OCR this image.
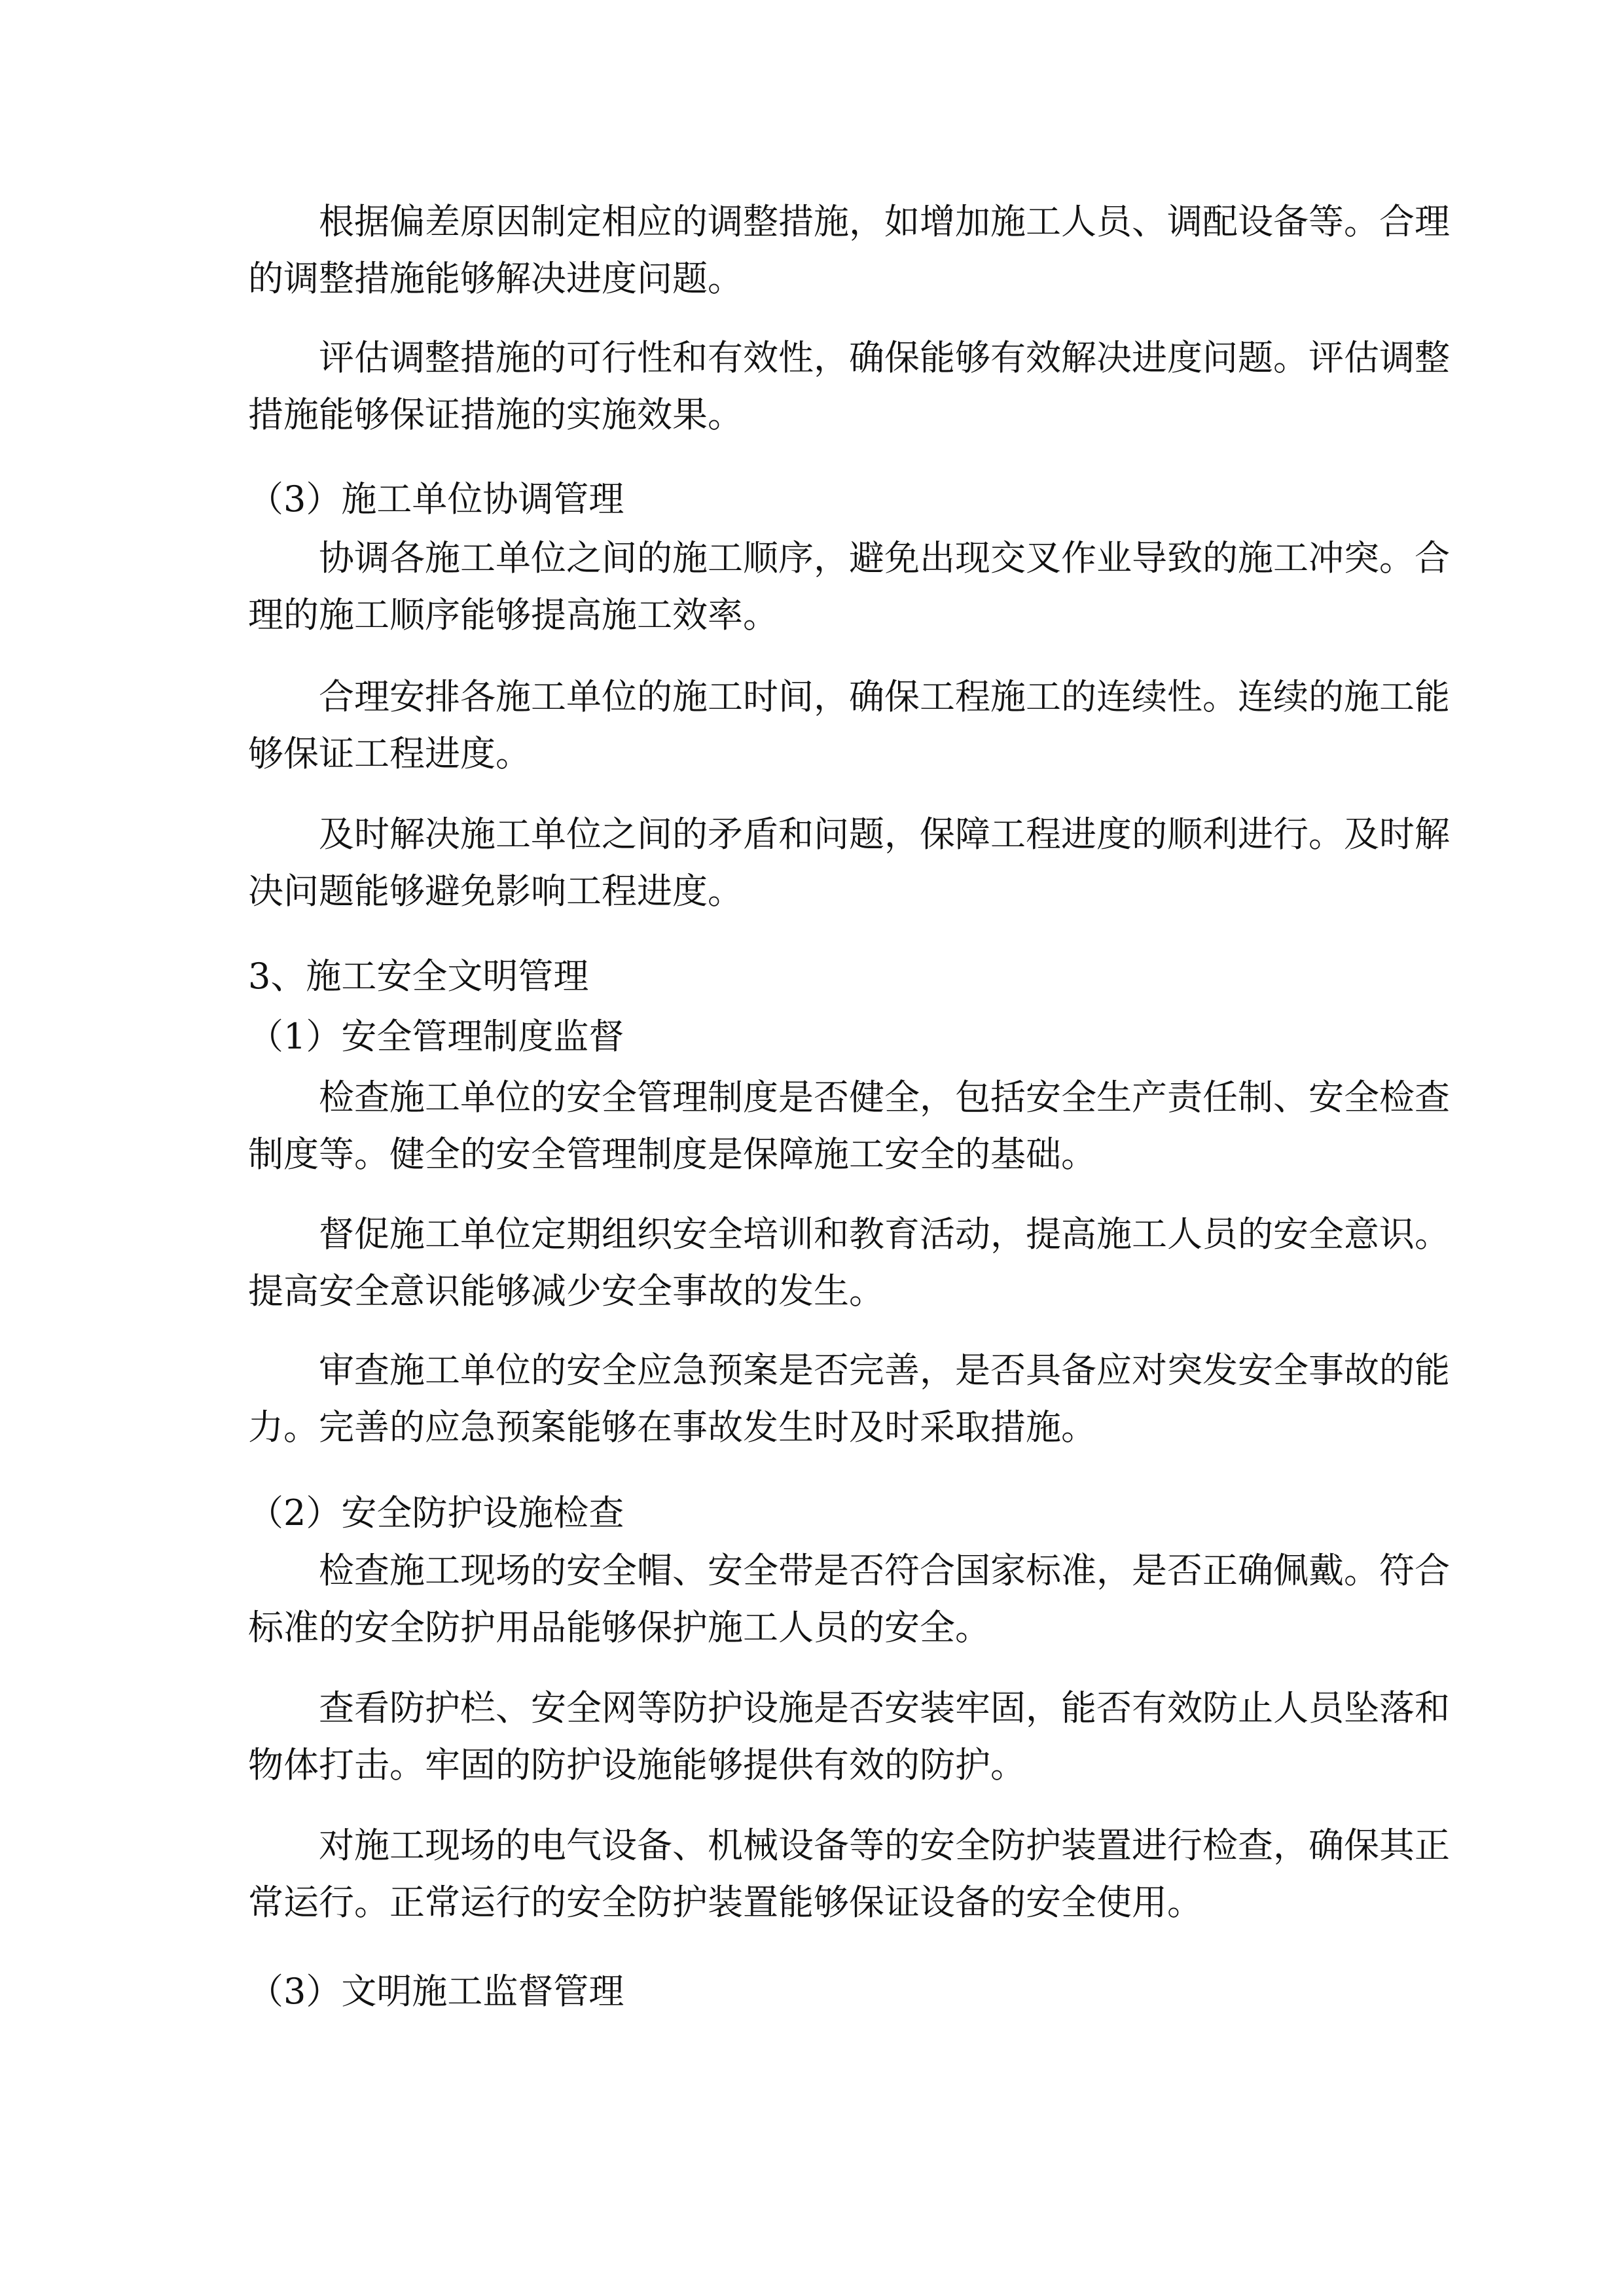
根据偏差原因制定相应的调整措施，如增加施工人员、调配设备等。合理
的调整措施能够解决进度问题。
评估调整措施的可行性和有效性，确保能够有效解决进度问题。评估调整
措施能够保证措施的实施效果。
（3）施工单位协调管理
协调各施工单位之间的施工顺序，避免出现交叉作业导致的施工冲突。合
理的施工顺序能够提高施工效率。
合理安排各施工单位的施工时间，确保工程施工的连续性。连续的施工能
够保证工程进度。
及时解决施工单位之间的矛盾和问题，保障工程进度的顺利进行。及时解
决问题能够避免影响工程进度。
3、施工安全文明管理
（1）安全管理制度监督
检查施工单位的安全管理制度是否健全，包括安全生产责任制、安全检查
制度等。健全的安全管理制度是保障施工安全的基础。
督促施工单位定期组织安全培训和教育活动，提高施工人员的安全意识。
提高安全意识能够减少安全事故的发生。
审查施工单位的安全应急预案是否完善，是否具备应对突发安全事故的能
力。完善的应急预案能够在事故发生时及时采取措施。
（2）安全防护设施检查
检查施工现场的安全帽、安全带是否符合国家标准，是否正确佩戴。符合
标准的安全防护用品能够保护施工人员的安全。
查看防护栏、安全网等防护设施是否安装牢固，能否有效防止人员坠落和
物体打击。牢固的防护设施能够提供有效的防护。
对施工现场的电气设备、机械设备等的安全防护装置进行检查，确保其正
常运行。正常运行的安全防护装置能够保证设备的安全使用。
（3）文明施工监督管理
